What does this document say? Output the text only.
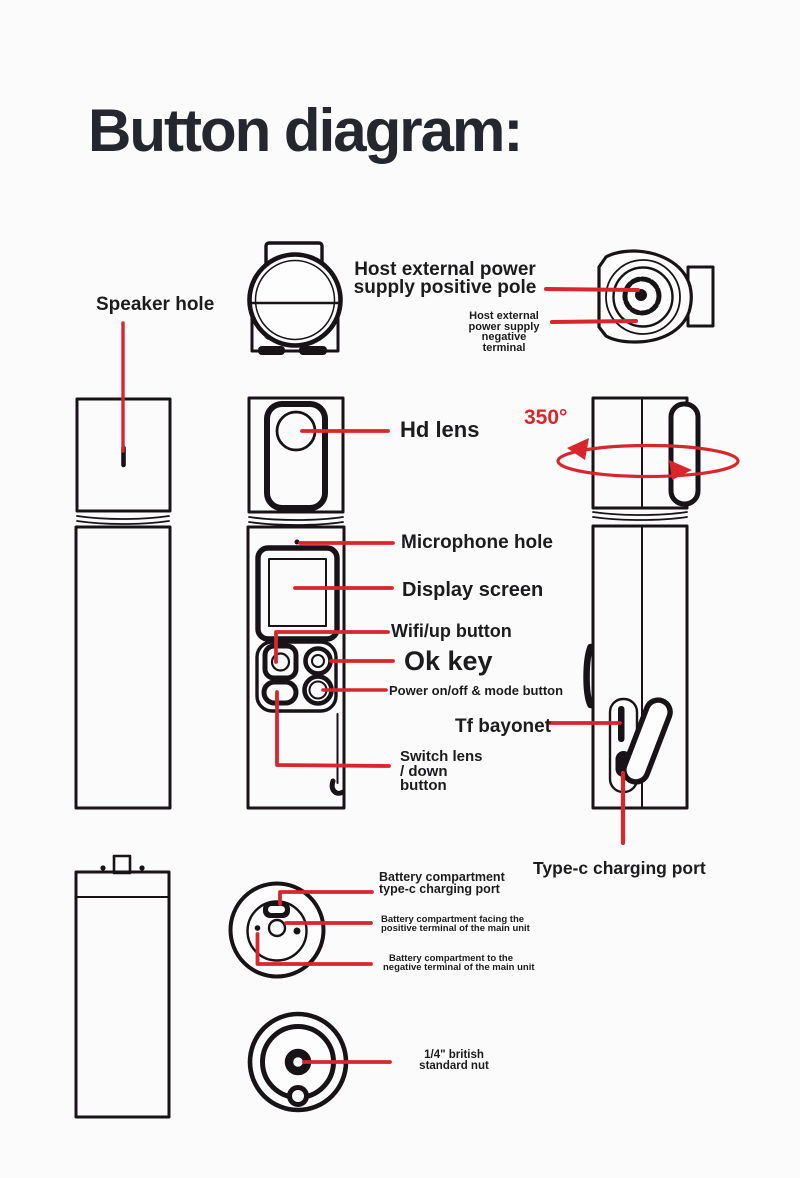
Button diagram:
Speaker hole
Host external power
supply positive pole
Host external
power supply
negative
terminal
350°
Hd lens
Microphone hole
Display screen
Wifi/up button
Ok key
Power on/off & mode button
Tf bayonet
Switch lens
/ down
button
Type-c charging port
Battery compartment
type-c charging port
Battery compartment facing the
positive terminal of the main unit
Battery compartment to the
negative terminal of the main unit
1/4" british
standard nut
